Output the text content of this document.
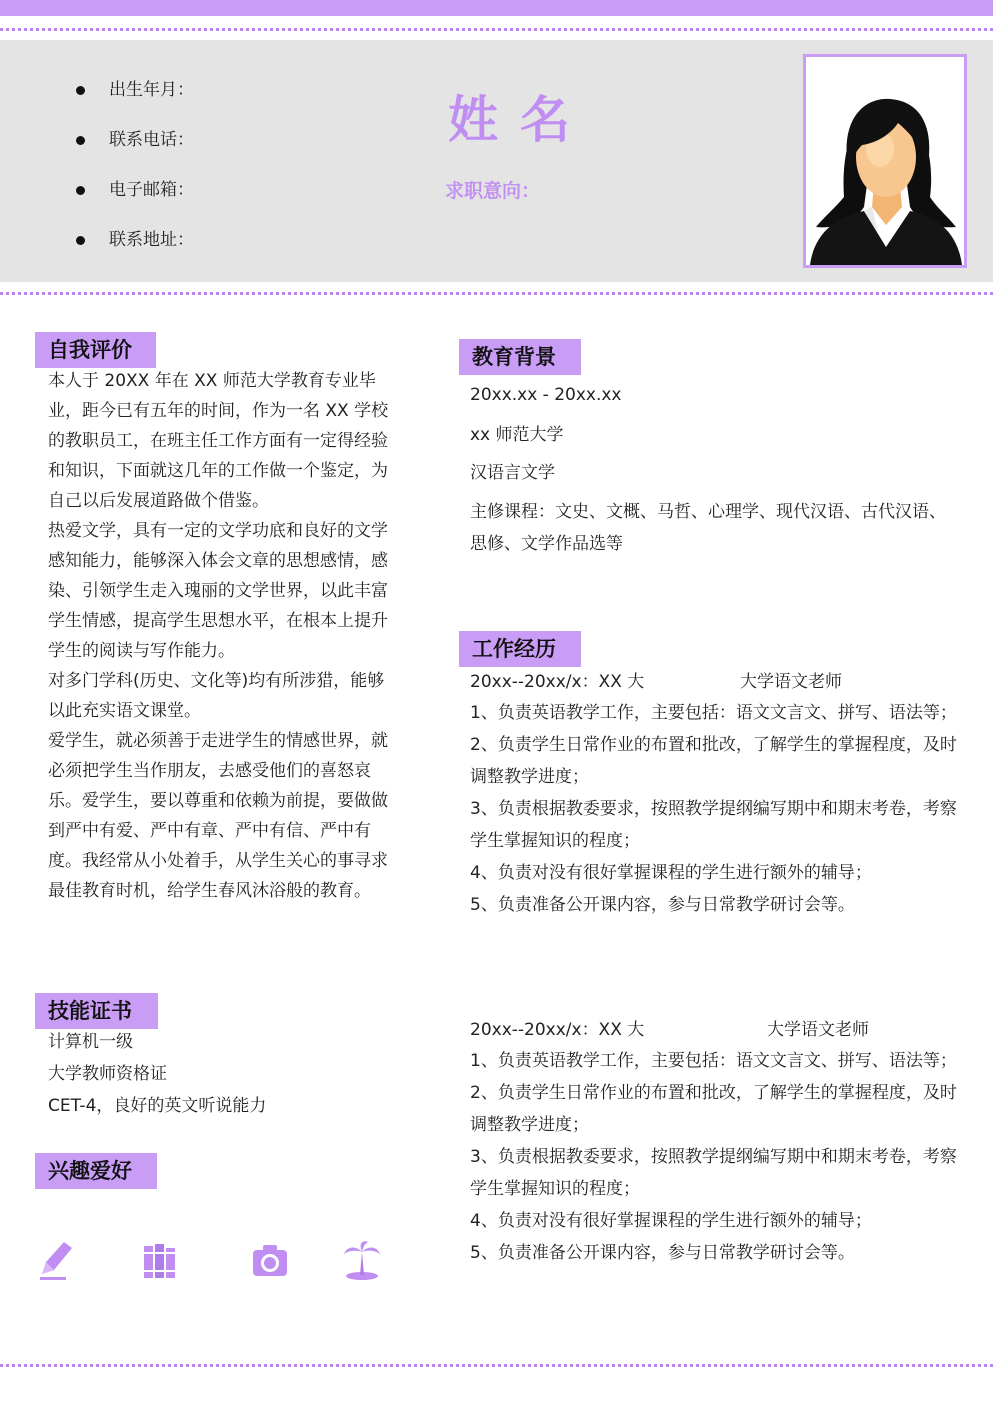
出生年月：
联系电话：
电子邮箱：
联系地址：
姓名
求职意向：
自我评价

本人于 20XX 年在 XX 师范大学教育专业毕业，距今已有五年的时间，作为一名 XX 学校的教职员工，在班主任工作方面有一定得经验和知识，下面就这几年的工作做一个鉴定，为自己以后发展道路做个借鉴。

热爱文学，具有一定的文学功底和良好的文学感知能力，能够深入体会文章的思想感情，感染、引领学生走入瑰丽的文学世界，以此丰富学生情感，提高学生思想水平，在根本上提升学生的阅读与写作能力。

对多门学科(历史、文化等)均有所涉猎，能够以此充实语文课堂。

爱学生，就必须善于走进学生的情感世界，就必须把学生当作朋友，去感受他们的喜怒哀乐。爱学生，要以尊重和依赖为前提，要做做到严中有爱、严中有章、严中有信、严中有度。我经常从小处着手，从学生关心的事寻求最佳教育时机，给学生春风沐浴般的教育。

技能证书
计算机一级
大学教师资格证
CET-4，良好的英文听说能力
兴趣爱好
教育背景
20xx.xx - 20xx.xx
xx 师范大学
汉语言文学
主修课程：文史、文概、马哲、心理学、现代汉语、古代汉语、思修、文学作品选等
工作经历
20xx--20xx/x：XX 大	大学语文老师
1、负责英语教学工作，主要包括：语文文言文、拼写、语法等；
2、负责学生日常作业的布置和批改，了解学生的掌握程度，及时调整教学进度；
3、负责根据教委要求，按照教学提纲编写期中和期末考卷，考察学生掌握知识的程度；
4、负责对没有很好掌握课程的学生进行额外的辅导；
5、负责准备公开课内容，参与日常教学研讨会等。
20xx--20xx/x：XX 大	大学语文老师
1、负责英语教学工作，主要包括：语文文言文、拼写、语法等；
2、负责学生日常作业的布置和批改，了解学生的掌握程度，及时调整教学进度；
3、负责根据教委要求，按照教学提纲编写期中和期末考卷，考察学生掌握知识的程度；
4、负责对没有很好掌握课程的学生进行额外的辅导；
5、负责准备公开课内容，参与日常教学研讨会等。
